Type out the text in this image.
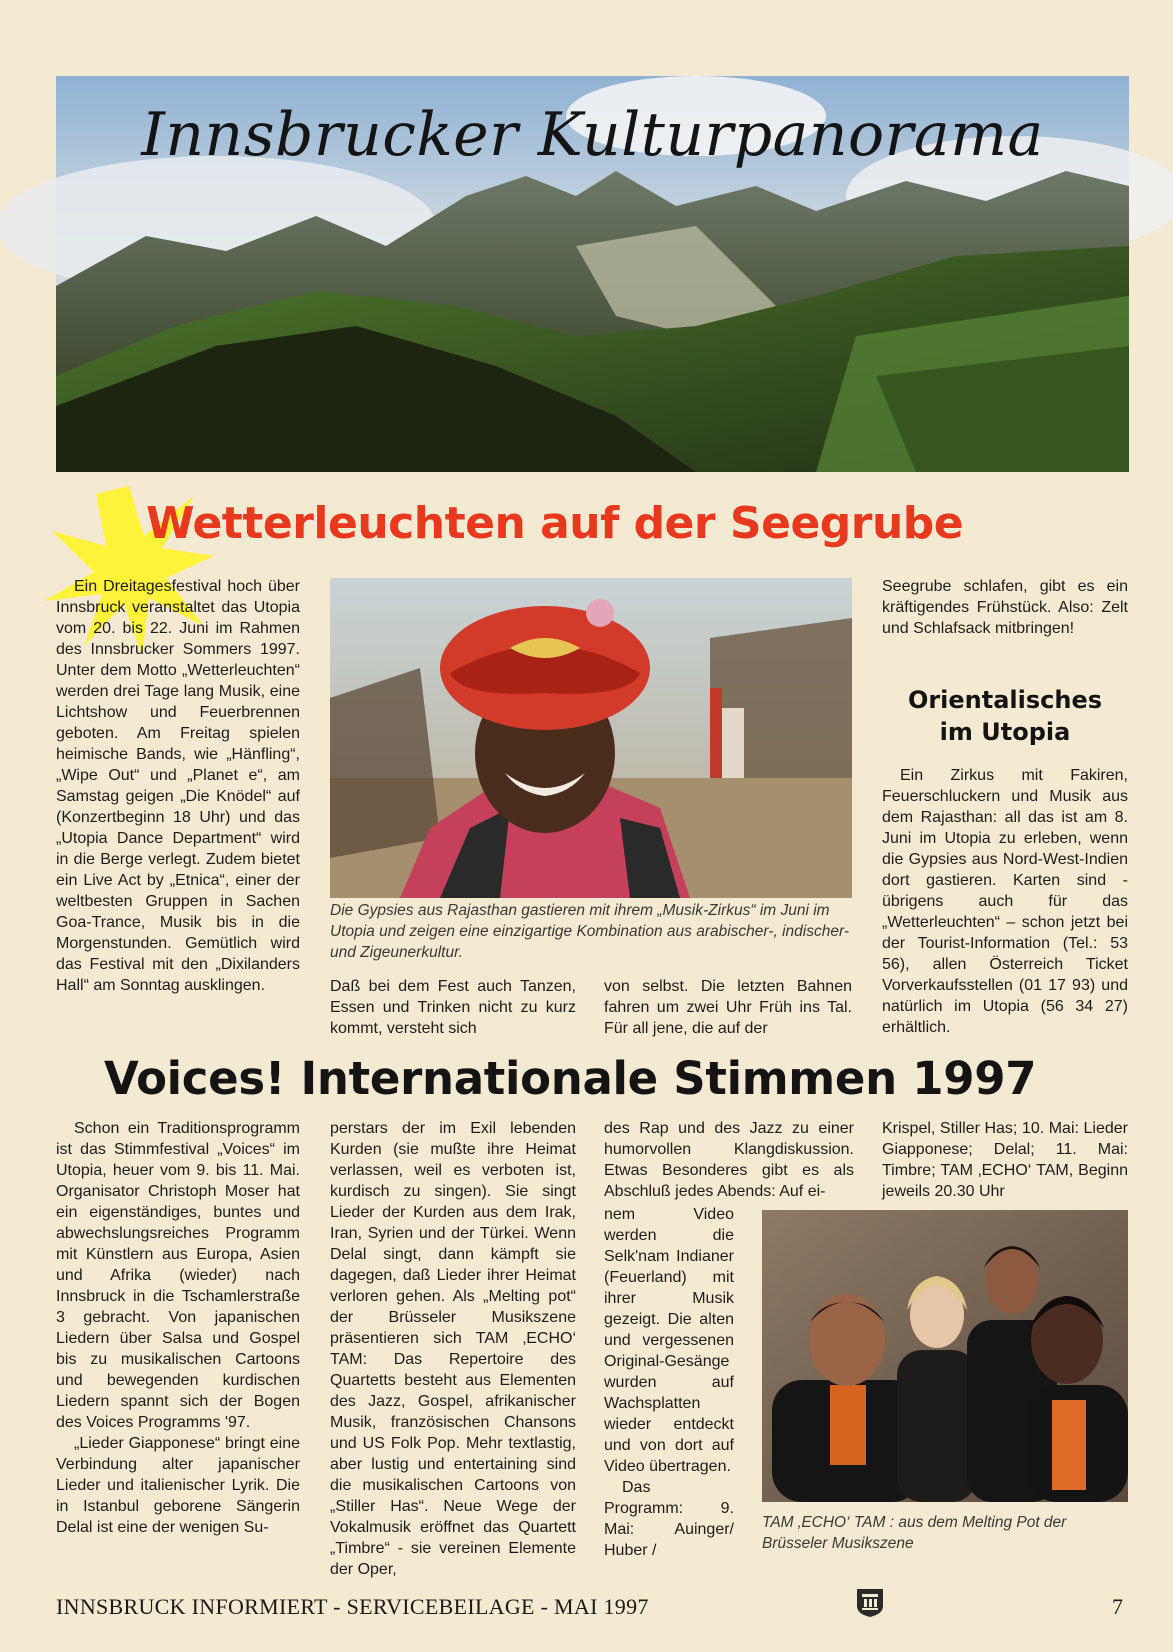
Innsbrucker Kulturpanorama
Wetterleuchten auf der Seegrube

Ein Dreitagesfestival hoch über Innsbruck veranstaltet das Utopia vom 20. bis 22. Juni im Rahmen des Innsbrucker Sommers 1997. Unter dem Motto „Wetterleuchten“ werden drei Tage lang Musik, eine Lichtshow und Feuerbrennen geboten. Am Freitag spielen heimische Bands, wie „Hänfling“, „Wipe Out“ und „Planet e“, am Samstag geigen „Die Knödel“ auf (Konzertbeginn 18 Uhr) und das „Utopia Dance Department“ wird in die Berge verlegt. Zudem bietet ein Live Act by „Etnica“, einer der weltbesten Gruppen in Sachen Goa-Trance, Musik bis in die Morgenstunden. Gemütlich wird das Festival mit den „Dixilanders Hall“ am Sonntag ausklingen.

Die Gypsies aus Rajasthan gastieren mit ihrem „Musik-Zirkus“ im Juni im Utopia und zeigen eine einzigartige Kombination aus arabischer-, indischer- und Zigeunerkultur.

Daß bei dem Fest auch Tanzen, Essen und Trinken nicht zu kurz kommt, versteht sich

von selbst. Die letzten Bahnen fahren um zwei Uhr Früh ins Tal. Für all jene, die auf der

Seegrube schlafen, gibt es ein kräftigendes Frühstück. Also: Zelt und Schlafsack mitbringen!

Orientalisches
im Utopia

Ein Zirkus mit Fakiren, Feuerschluckern und Musik aus dem Rajasthan: all das ist am 8. Juni im Utopia zu erleben, wenn die Gypsies aus Nord-West-Indien dort gastieren. Karten sind - übrigens auch für das „Wetterleuchten“ – schon jetzt bei der Tourist-Information (Tel.: 53 56), allen Österreich Ticket Vorverkaufsstellen (01 17 93) und natürlich im Utopia (56 34 27) erhältlich.

Voices! Internationale Stimmen 1997

Schon ein Traditionsprogramm ist das Stimmfestival „Voices“ im Utopia, heuer vom 9. bis 11. Mai. Organisator Christoph Moser hat ein eigenständiges, buntes und abwechslungsreiches Programm mit Künstlern aus Europa, Asien und Afrika (wieder) nach Innsbruck in die Tschamlerstraße 3 gebracht. Von japanischen Liedern über Salsa und Gospel bis zu musikalischen Cartoons und bewegenden kurdischen Liedern spannt sich der Bogen des Voices Programms '97.

„Lieder Giapponese“ bringt eine Verbindung alter japanischer Lieder und italienischer Lyrik. Die in Istanbul geborene Sängerin Delal ist eine der wenigen Su-

perstars der im Exil lebenden Kurden (sie mußte ihre Heimat verlassen, weil es verboten ist, kurdisch zu singen). Sie singt Lieder der Kurden aus dem Irak, Iran, Syrien und der Türkei. Wenn Delal singt, dann kämpft sie dagegen, daß Lieder ihrer Heimat verloren gehen. Als „Melting pot“ der Brüsseler Musikszene präsentieren sich TAM ‚ECHO‘ TAM: Das Repertoire des Quartetts besteht aus Elementen des Jazz, Gospel, afrikanischer Musik, französischen Chansons und US Folk Pop. Mehr textlastig, aber lustig und entertaining sind die musikalischen Cartoons von „Stiller Has“. Neue Wege der Vokalmusik eröffnet das Quartett „Timbre“ - sie vereinen Elemente der Oper,

des Rap und des Jazz zu einer humorvollen Klangdiskussion. Etwas Besonderes gibt es als Abschluß jedes Abends: Auf ei-

nem Video werden die Selk'nam Indianer (Feuerland) mit ihrer Musik gezeigt. Die alten und vergessenen Original-Gesänge wurden auf Wachsplatten wieder entdeckt und von dort auf Video übertragen.

Das Programm: 9. Mai: Auinger/ Huber /

Krispel, Stiller Has; 10. Mai: Lieder Giapponese; Delal; 11. Mai: Timbre; TAM ‚ECHO‘ TAM, Beginn jeweils 20.30 Uhr

TAM ‚ECHO‘ TAM : aus dem Melting Pot der Brüsseler Musikszene
INNSBRUCK INFORMIERT - SERVICEBEILAGE - MAI 1997	7
